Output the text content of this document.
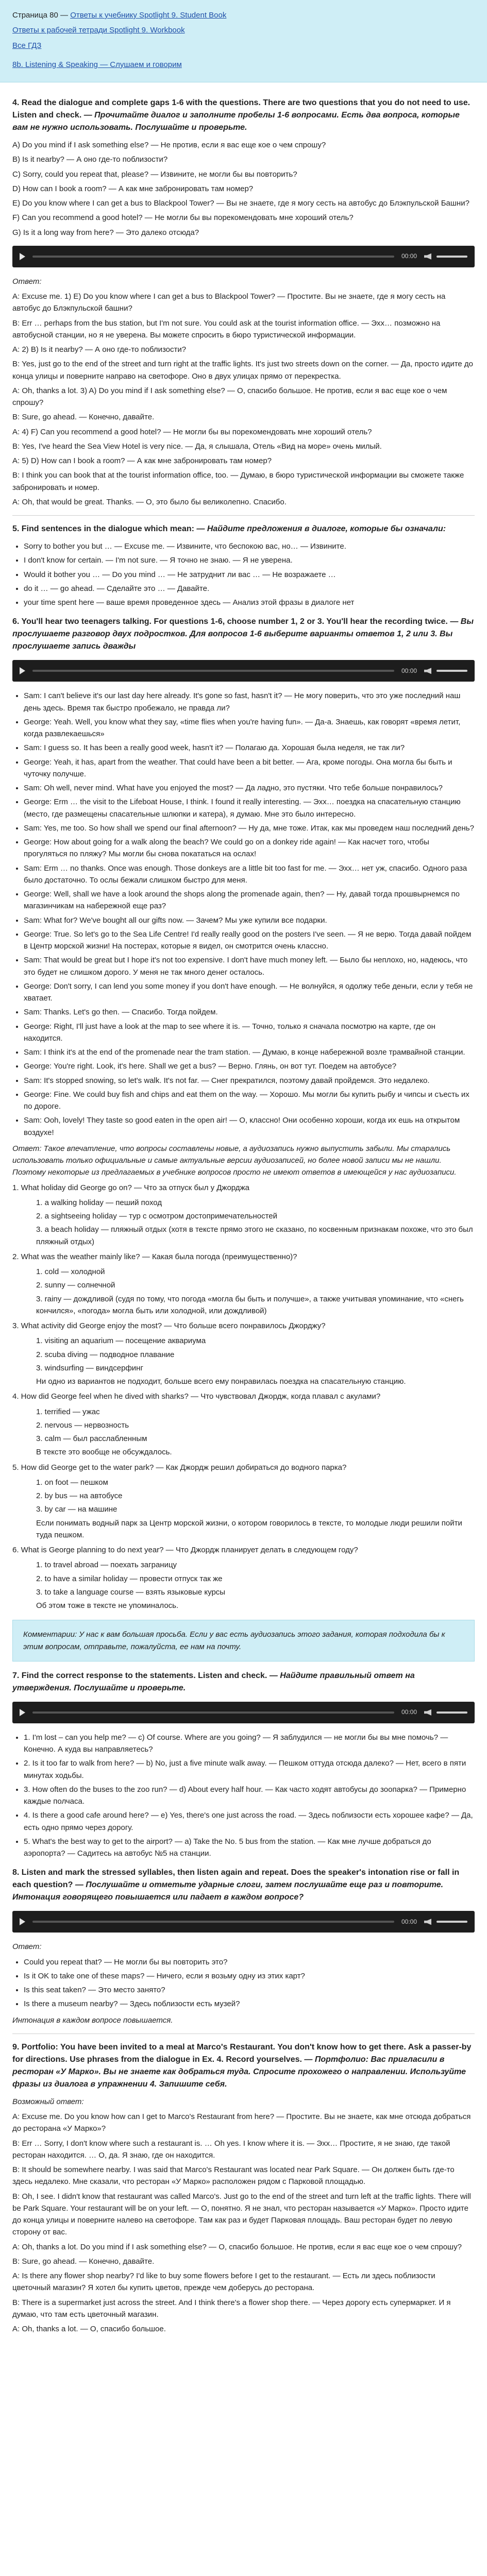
Страница 80 — Ответы к учебнику Spotlight 9. Student Book

Ответы к рабочей тетради Spotlight 9. Workbook

Все ГДЗ

8b. Listening & Speaking — Слушаем и говорим

4. Read the dialogue and complete gaps 1-6 with the questions. There are two questions that you do not need to use. Listen and check. — Прочитайте диалог и заполните пробелы 1-6 вопросами. Есть два вопроса, которые вам не нужно использовать. Послушайте и проверьте.

A) Do you mind if I ask something else? — Не против, если я вас еще кое о чем спрошу?

B) Is it nearby? — А оно где-то поблизости?

C) Sorry, could you repeat that, please? — Извините, не могли бы вы повторить?

D) How can I book a room? — А как мне забронировать там номер?

E) Do you know where I can get a bus to Blackpool Tower? — Вы не знаете, где я могу сесть на автобус до Блэкпульской Башни?

F) Can you recommend a good hotel? — Не могли бы вы порекомендовать мне хороший отель?

G) Is it a long way from here? — Это далеко отсюда?

00:00

Ответ:

A: Excuse me. 1) E) Do you know where I can get a bus to Blackpool Tower? — Простите. Вы не знаете, где я могу сесть на автобус до Блэкпульской башни?

B: Err … perhaps from the bus station, but I'm not sure. You could ask at the tourist information office. — Эхх… позможно на автобусной станции, но я не уверена. Вы можете спросить в бюро туристической информации.

A: 2) B) Is it nearby? — А оно где-то поблизости?

B: Yes, just go to the end of the street and turn right at the traffic lights. It's just two streets down on the corner. — Да, просто идите до конца улицы и поверните направо на светофоре. Оно в двух улицах прямо от перекрестка.

A: Oh, thanks a lot. 3) A) Do you mind if I ask something else? — О, спасибо большое. Не против, если я вас еще кое о чем спрошу?

B: Sure, go ahead. — Конечно, давайте.

A: 4) F) Can you recommend a good hotel? — Не могли бы вы порекомендовать мне хороший отель?

B: Yes, I've heard the Sea View Hotel is very nice. — Да, я слышала, Отель «Вид на море» очень милый.

A: 5) D) How can I book a room? — А как мне забронировать там номер?

B: I think you can book that at the tourist information office, too. — Думаю, в бюро туристической информации вы сможете также забронировать и номер.

A: Oh, that would be great. Thanks. — О, это было бы великолепно. Спасибо.

5. Find sentences in the dialogue which mean: — Найдите предложения в диалоге, которые бы означали:
• Sorry to bother you but … — Excuse me. — Извините, что беспокою вас, но… — Извините.
• I don't know for certain. — I'm not sure. — Я точно не знаю. — Я не уверена.
• Would it bother you … — Do you mind … — Не затруднит ли вас … — Не возражаете …
• do it … — go ahead. — Сделайте это … — Давайте.
• your time spent here — ваше время проведенное здесь — Анализ этой фразы в диалоге нет
6. You'll hear two teenagers talking. For questions 1-6, choose number 1, 2 or 3. You'll hear the recording twice. — Вы прослушаете разговор двух подростков. Для вопросов 1-6 выберите варианты ответов 1, 2 или 3. Вы прослушаете запись дважды
00:00
• Sam: I can't believe it's our last day here already. It's gone so fast, hasn't it? — Не могу поверить, что это уже последний наш день здесь. Время так быстро пробежало, не правда ли?
• George: Yeah. Well, you know what they say, «time flies when you're having fun». — Да-а. Знаешь, как говорят «время летит, когда развлекаешься»
• Sam: I guess so. It has been a really good week, hasn't it? — Полагаю да. Хорошая была неделя, не так ли?
• George: Yeah, it has, apart from the weather. That could have been a bit better. — Ага, кроме погоды. Она могла бы быть и чуточку получше.
• Sam: Oh well, never mind. What have you enjoyed the most? — Да ладно, это пустяки. Что тебе больше понравилось?
• George: Erm … the visit to the Lifeboat House, I think. I found it really interesting. — Эхх… поездка на спасательную станцию (место, где размещены спасательные шлюпки и катера), я думаю. Мне это было интересно.
• Sam: Yes, me too. So how shall we spend our final afternoon? — Ну да, мне тоже. Итак, как мы проведем наш последний день?
• George: How about going for a walk along the beach? We could go on a donkey ride again! — Как насчет того, чтобы прогуляться по пляжу? Мы могли бы снова покататься на ослах!
• Sam: Erm … no thanks. Once was enough. Those donkeys are a little bit too fast for me. — Эхх… нет уж, спасибо. Одного раза было достаточно. То ослы бежали слишком быстро для меня.
• George: Well, shall we have a look around the shops along the promenade again, then? — Ну, давай тогда прошвырнемся по магазинчикам на набережной еще раз?
• Sam: What for? We've bought all our gifts now. — Зачем? Мы уже купили все подарки.
• George: True. So let's go to the Sea Life Centre! I'd really really good on the posters I've seen. — Я не верю. Тогда давай пойдем в Центр морской жизни! На постерах, которые я видел, он смотрится очень классно.
• Sam: That would be great but I hope it's not too expensive. I don't have much money left. — Было бы неплохо, но, надеюсь, что это будет не слишком дорого. У меня не так много денег осталось.
• George: Don't sorry, I can lend you some money if you don't have enough. — Не волнуйся, я одолжу тебе деньги, если у тебя не хватает.
• Sam: Thanks. Let's go then. — Спасибо. Тогда пойдем.
• George: Right, I'll just have a look at the map to see where it is. — Точно, только я сначала посмотрю на карте, где он находится.
• Sam: I think it's at the end of the promenade near the tram station. — Думаю, в конце набережной возле трамвайной станции.
• George: You're right. Look, it's here. Shall we get a bus? — Верно. Глянь, он вот тут. Поедем на автобусе?
• Sam: It's stopped snowing, so let's walk. It's not far. — Снег прекратился, поэтому давай пройдемся. Это недалеко.
• George: Fine. We could buy fish and chips and eat them on the way. — Хорошо. Мы могли бы купить рыбу и чипсы и съесть их по дороге.
• Sam: Ooh, lovely! They taste so good eaten in the open air! — О, классно! Они особенно хороши, когда их ешь на открытом воздухе!

Ответ: Такое впечатление, что вопросы составлены новые, а аудиозапись нужно выпустить забыли. Мы старались использовать только официальные и самые актуальные версии аудиозаписей, но более новой записи мы не нашли. Поэтому некоторые из предлагаемых в учебнике вопросов просто не имеют ответов в имеющейся у нас аудиозаписи.

1. What holiday did George go on? — Что за отпуск был у Джорджа

1. a walking holiday — пеший поход

2. a sightseeing holiday — тур с осмотром достопримечательностей

3. a beach holiday — пляжный отдых (хотя в тексте прямо этого не сказано, по косвенным признакам похоже, что это был пляжный отдых)

2. What was the weather mainly like? — Какая была погода (преимущественно)?

1. cold — холодной

2. sunny — солнечной

3. rainy — дождливой (судя по тому, что погода «могла бы быть и получше», а также учитывая упоминание, что «снегь кончился», «погода» могла быть или холодной, или дождливой)

3. What activity did George enjoy the most? — Что больше всего понравилось Джорджу?

1. visiting an aquarium — посещение аквариума

2. scuba diving — подводное плавание

3. windsurfing — виндсерфинг

Ни одно из вариантов не подходит, больше всего ему понравилась поездка на спасательную станцию.

4. How did George feel when he dived with sharks? — Что чувствовал Джордж, когда плавал с акулами?

1. terrified — ужас

2. nervous — нервозность

3. calm — был расслабленным

В тексте это вообще не обсуждалось.

5. How did George get to the water park? — Как Джордж решил добираться до водного парка?

1. on foot — пешком

2. by bus — на автобусе

3. by car — на машине

Если понимать водный парк за Центр морской жизни, о котором говорилось в тексте, то молодые люди решили пойти туда пешком.

6. What is George planning to do next year? — Что Джордж планирует делать в следующем году?

1. to travel abroad — поехать заграницу

2. to have a similar holiday — провести отпуск так же

3. to take a language course — взять языковые курсы

Об этом тоже в тексте не упоминалось.

Комментарии: У нас к вам большая просьба. Если у вас есть аудиозапись этого задания, которая подходила бы к этим вопросам, отправьте, пожалуйста, ее нам на почту.
7. Find the correct response to the statements. Listen and check. — Найдите правильный ответ на утверждения. Послушайте и проверьте.
00:00
• 1. I'm lost – can you help me? — c) Of course. Where are you going? — Я заблудился — не могли бы вы мне помочь? — Конечно. А куда вы направляетесь?
• 2. Is it too far to walk from here? — b) No, just a five minute walk away. — Пешком оттуда отсюда далеко? — Нет, всего в пяти минутах ходьбы.
• 3. How often do the buses to the zoo run? — d) About every half hour. — Как часто ходят автобусы до зоопарка? — Примерно каждые полчаса.
• 4. Is there a good cafe around here? — e) Yes, there's one just across the road. — Здесь поблизости есть хорошее кафе? — Да, есть одно прямо через дорогу.
• 5. What's the best way to get to the airport? — a) Take the No. 5 bus from the station. — Как мне лучше добраться до аэропорта? — Садитесь на автобус №5 на станции.
8. Listen and mark the stressed syllables, then listen again and repeat. Does the speaker's intonation rise or fall in each question? — Послушайте и отметьте ударные слоги, затем послушайте еще раз и повторите. Интонация говорящего повышается или падает в каждом вопросе?
00:00

Ответ:

• Could you repeat that? — Не могли бы вы повторить это?
• Is it OK to take one of these maps? — Ничего, если я возьму одну из этих карт?
• Is this seat taken? — Это место занято?
• Is there a museum nearby? — Здесь поблизости есть музей?

Интонация в каждом вопросе повышается.

9. Portfolio: You have been invited to a meal at Marco's Restaurant. You don't know how to get there. Ask a passer-by for directions. Use phrases from the dialogue in Ex. 4. Record yourselves. — Портфолио: Вас пригласили в ресторан «У Марко». Вы не знаете как добраться туда. Спросите прохожего о направлении. Используйте фразы из диалога в упражнении 4. Запишите себя.

Возможный ответ:

A: Excuse me. Do you know how can I get to Marco's Restaurant from here? — Простите. Вы не знаете, как мне отсюда добраться до ресторана «У Марко»?

B: Err … Sorry, I don't know where such a restaurant is. … Oh yes. I know where it is. — Эхх… Простите, я не знаю, где такой ресторан находится. … О, да. Я знаю, где он находится.

B: It should be somewhere nearby. I was said that Marco's Restaurant was located near Park Square. — Он должен быть где-то здесь недалеко. Мне сказали, что ресторан «У Марко» расположен рядом с Парковой площадью.

B: Oh, I see. I didn't know that restaurant was called Marco's. Just go to the end of the street and turn left at the traffic lights. There will be Park Square. Your restaurant will be on your left. — О, понятно. Я не знал, что ресторан называется «У Марко». Просто идите до конца улицы и поверните налево на светофоре. Там как раз и будет Парковая площадь. Ваш ресторан будет по левую сторону от вас.

A: Oh, thanks a lot. Do you mind if I ask something else? — О, спасибо большое. Не против, если я вас еще кое о чем спрошу?

B: Sure, go ahead. — Конечно, давайте.

A: Is there any flower shop nearby? I'd like to buy some flowers before I get to the restaurant. — Есть ли здесь поблизости цветочный магазин? Я хотел бы купить цветов, прежде чем доберусь до ресторана.

B: There is a supermarket just across the street. And I think there's a flower shop there. — Через дорогу есть супермаркет. И я думаю, что там есть цветочный магазин.

A: Oh, thanks a lot. — О, спасибо большое.
